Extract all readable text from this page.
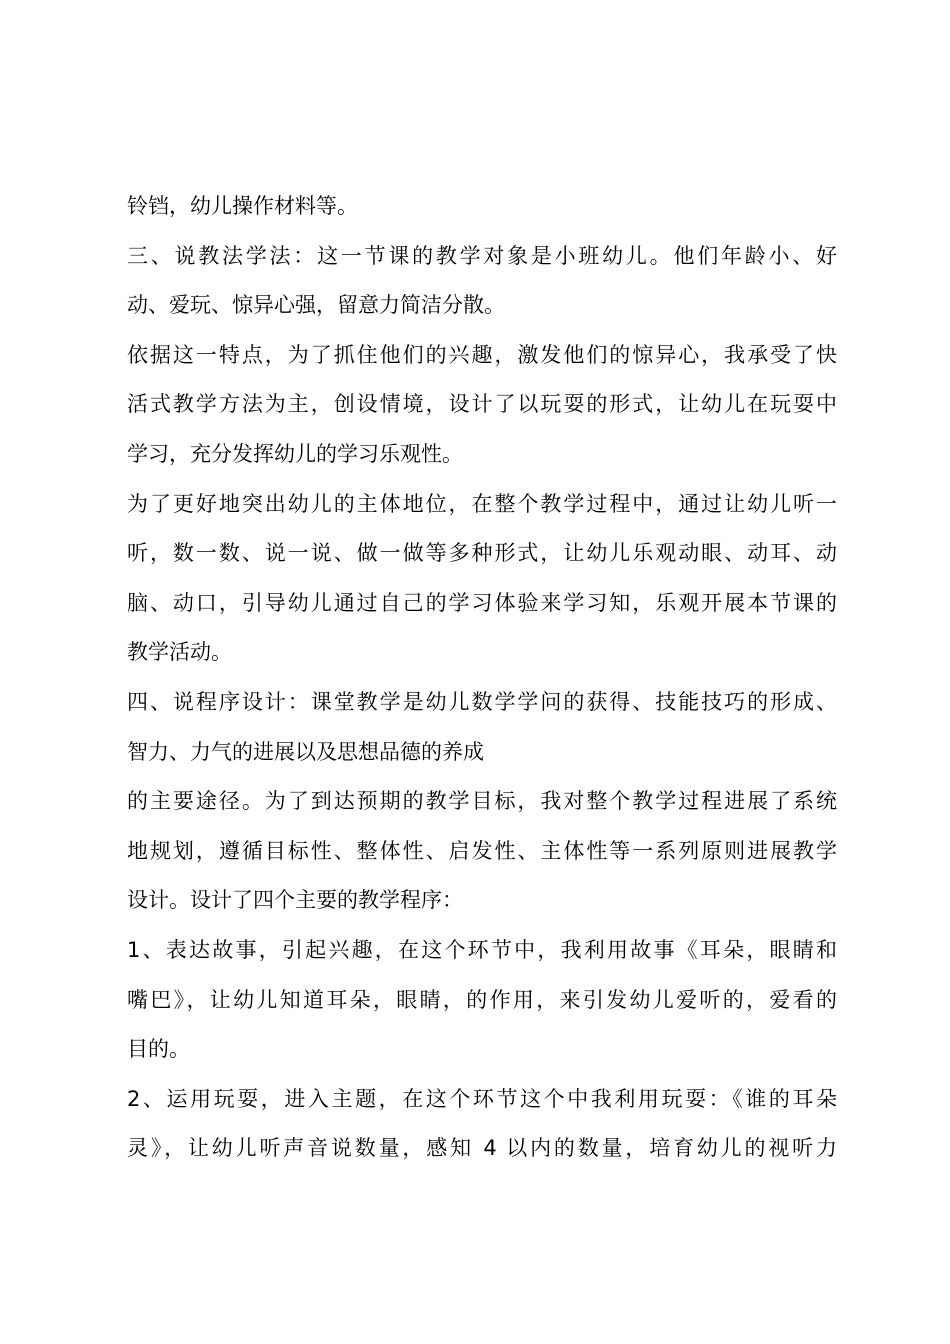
铃铛，幼儿操作材料等。
三、说教法学法：这一节课的教学对象是小班幼儿。他们年龄小、好
动、爱玩、惊异心强，留意力简洁分散。
依据这一特点，为了抓住他们的兴趣，激发他们的惊异心，我承受了快
活式教学方法为主，创设情境，设计了以玩耍的形式，让幼儿在玩耍中
学习，充分发挥幼儿的学习乐观性。
为了更好地突出幼儿的主体地位，在整个教学过程中，通过让幼儿听一
听，数一数、说一说、做一做等多种形式，让幼儿乐观动眼、动耳、动
脑、动口，引导幼儿通过自己的学习体验来学习知，乐观开展本节课的
教学活动。
四、说程序设计：课堂教学是幼儿数学学问的获得、技能技巧的形成、
智力、力气的进展以及思想品德的养成
的主要途径。为了到达预期的教学目标，我对整个教学过程进展了系统
地规划，遵循目标性、整体性、启发性、主体性等一系列原则进展教学
设计。设计了四个主要的教学程序：
1、表达故事，引起兴趣，在这个环节中，我利用故事《耳朵，眼睛和
嘴巴》，让幼儿知道耳朵，眼睛，的作用，来引发幼儿爱听的，爱看的
目的。
2、运用玩耍，进入主题，在这个环节这个中我利用玩耍：《谁的耳朵
灵》，让幼儿听声音说数量，感知 4 以内的数量，培育幼儿的视听力
